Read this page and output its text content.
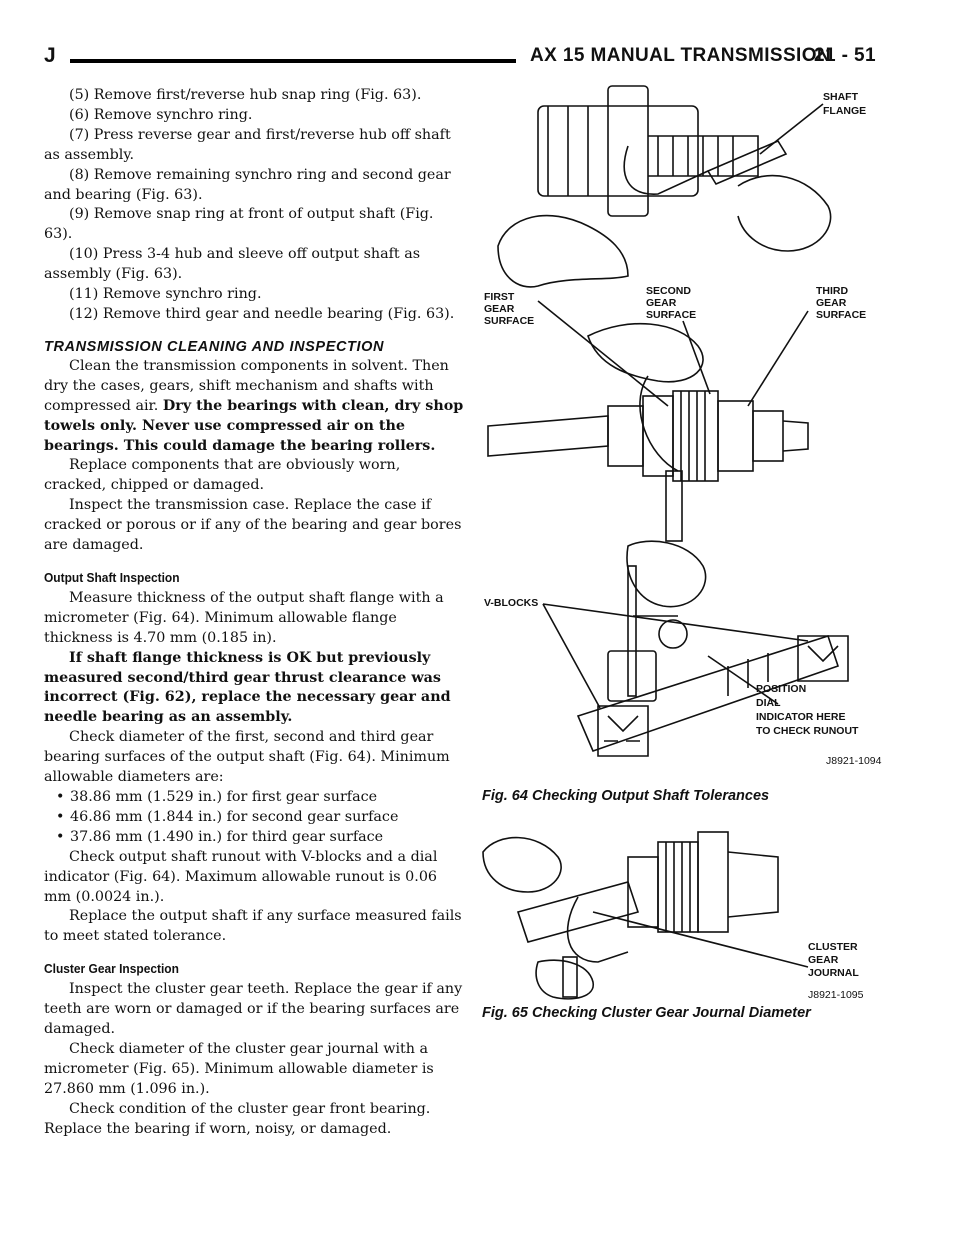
J	AX 15 MANUAL TRANSMISSION
21 - 51

(5) Remove first/reverse hub snap ring (Fig. 63).

(6) Remove synchro ring.

(7) Press reverse gear and first/reverse hub off shaft as assembly.

(8) Remove remaining synchro ring and second gear and bearing (Fig. 63).

(9) Remove snap ring at front of output shaft (Fig. 63).

(10) Press 3-4 hub and sleeve off output shaft as assembly (Fig. 63).

(11) Remove synchro ring.

(12) Remove third gear and needle bearing (Fig. 63).

TRANSMISSION CLEANING AND INSPECTION

Clean the transmission components in solvent. Then dry the cases, gears, shift mechanism and shafts with compressed air. Dry the bearings with clean, dry shop towels only. Never use compressed air on the bearings. This could damage the bearing rollers.

Replace components that are obviously worn, cracked, chipped or damaged.

Inspect the transmission case. Replace the case if cracked or porous or if any of the bearing and gear bores are damaged.

Output Shaft Inspection

Measure thickness of the output shaft flange with a micrometer (Fig. 64). Minimum allowable flange thickness is 4.70 mm (0.185 in).

If shaft flange thickness is OK but previously measured second/third gear thrust clearance was incorrect (Fig. 62), replace the necessary gear and needle bearing as an assembly.

Check diameter of the first, second and third gear bearing surfaces of the output shaft (Fig. 64). Minimum allowable diameters are:

• 38.86 mm (1.529 in.) for first gear surface

• 46.86 mm (1.844 in.) for second gear surface

• 37.86 mm (1.490 in.) for third gear surface

Check output shaft runout with V-blocks and a dial indicator (Fig. 64). Maximum allowable runout is 0.06 mm (0.0024 in.).

Replace the output shaft if any surface measured fails to meet stated tolerance.

Cluster Gear Inspection

Inspect the cluster gear teeth. Replace the gear if any teeth are worn or damaged or if the bearing surfaces are damaged.

Check diameter of the cluster gear journal with a micrometer (Fig. 65). Minimum allowable diameter is 27.860 mm (1.096 in.).

Check condition of the cluster gear front bearing. Replace the bearing if worn, noisy, or damaged.

SHAFT
FLANGE
FIRST
GEAR
SURFACE
SECOND
GEAR
SURFACE
THIRD
GEAR
SURFACE
V-BLOCKS
POSITION
DIAL
INDICATOR HERE
TO CHECK RUNOUT
J8921-1094
Fig. 64 Checking Output Shaft Tolerances
CLUSTER
GEAR
JOURNAL
J8921-1095
Fig. 65 Checking Cluster Gear Journal Diameter
